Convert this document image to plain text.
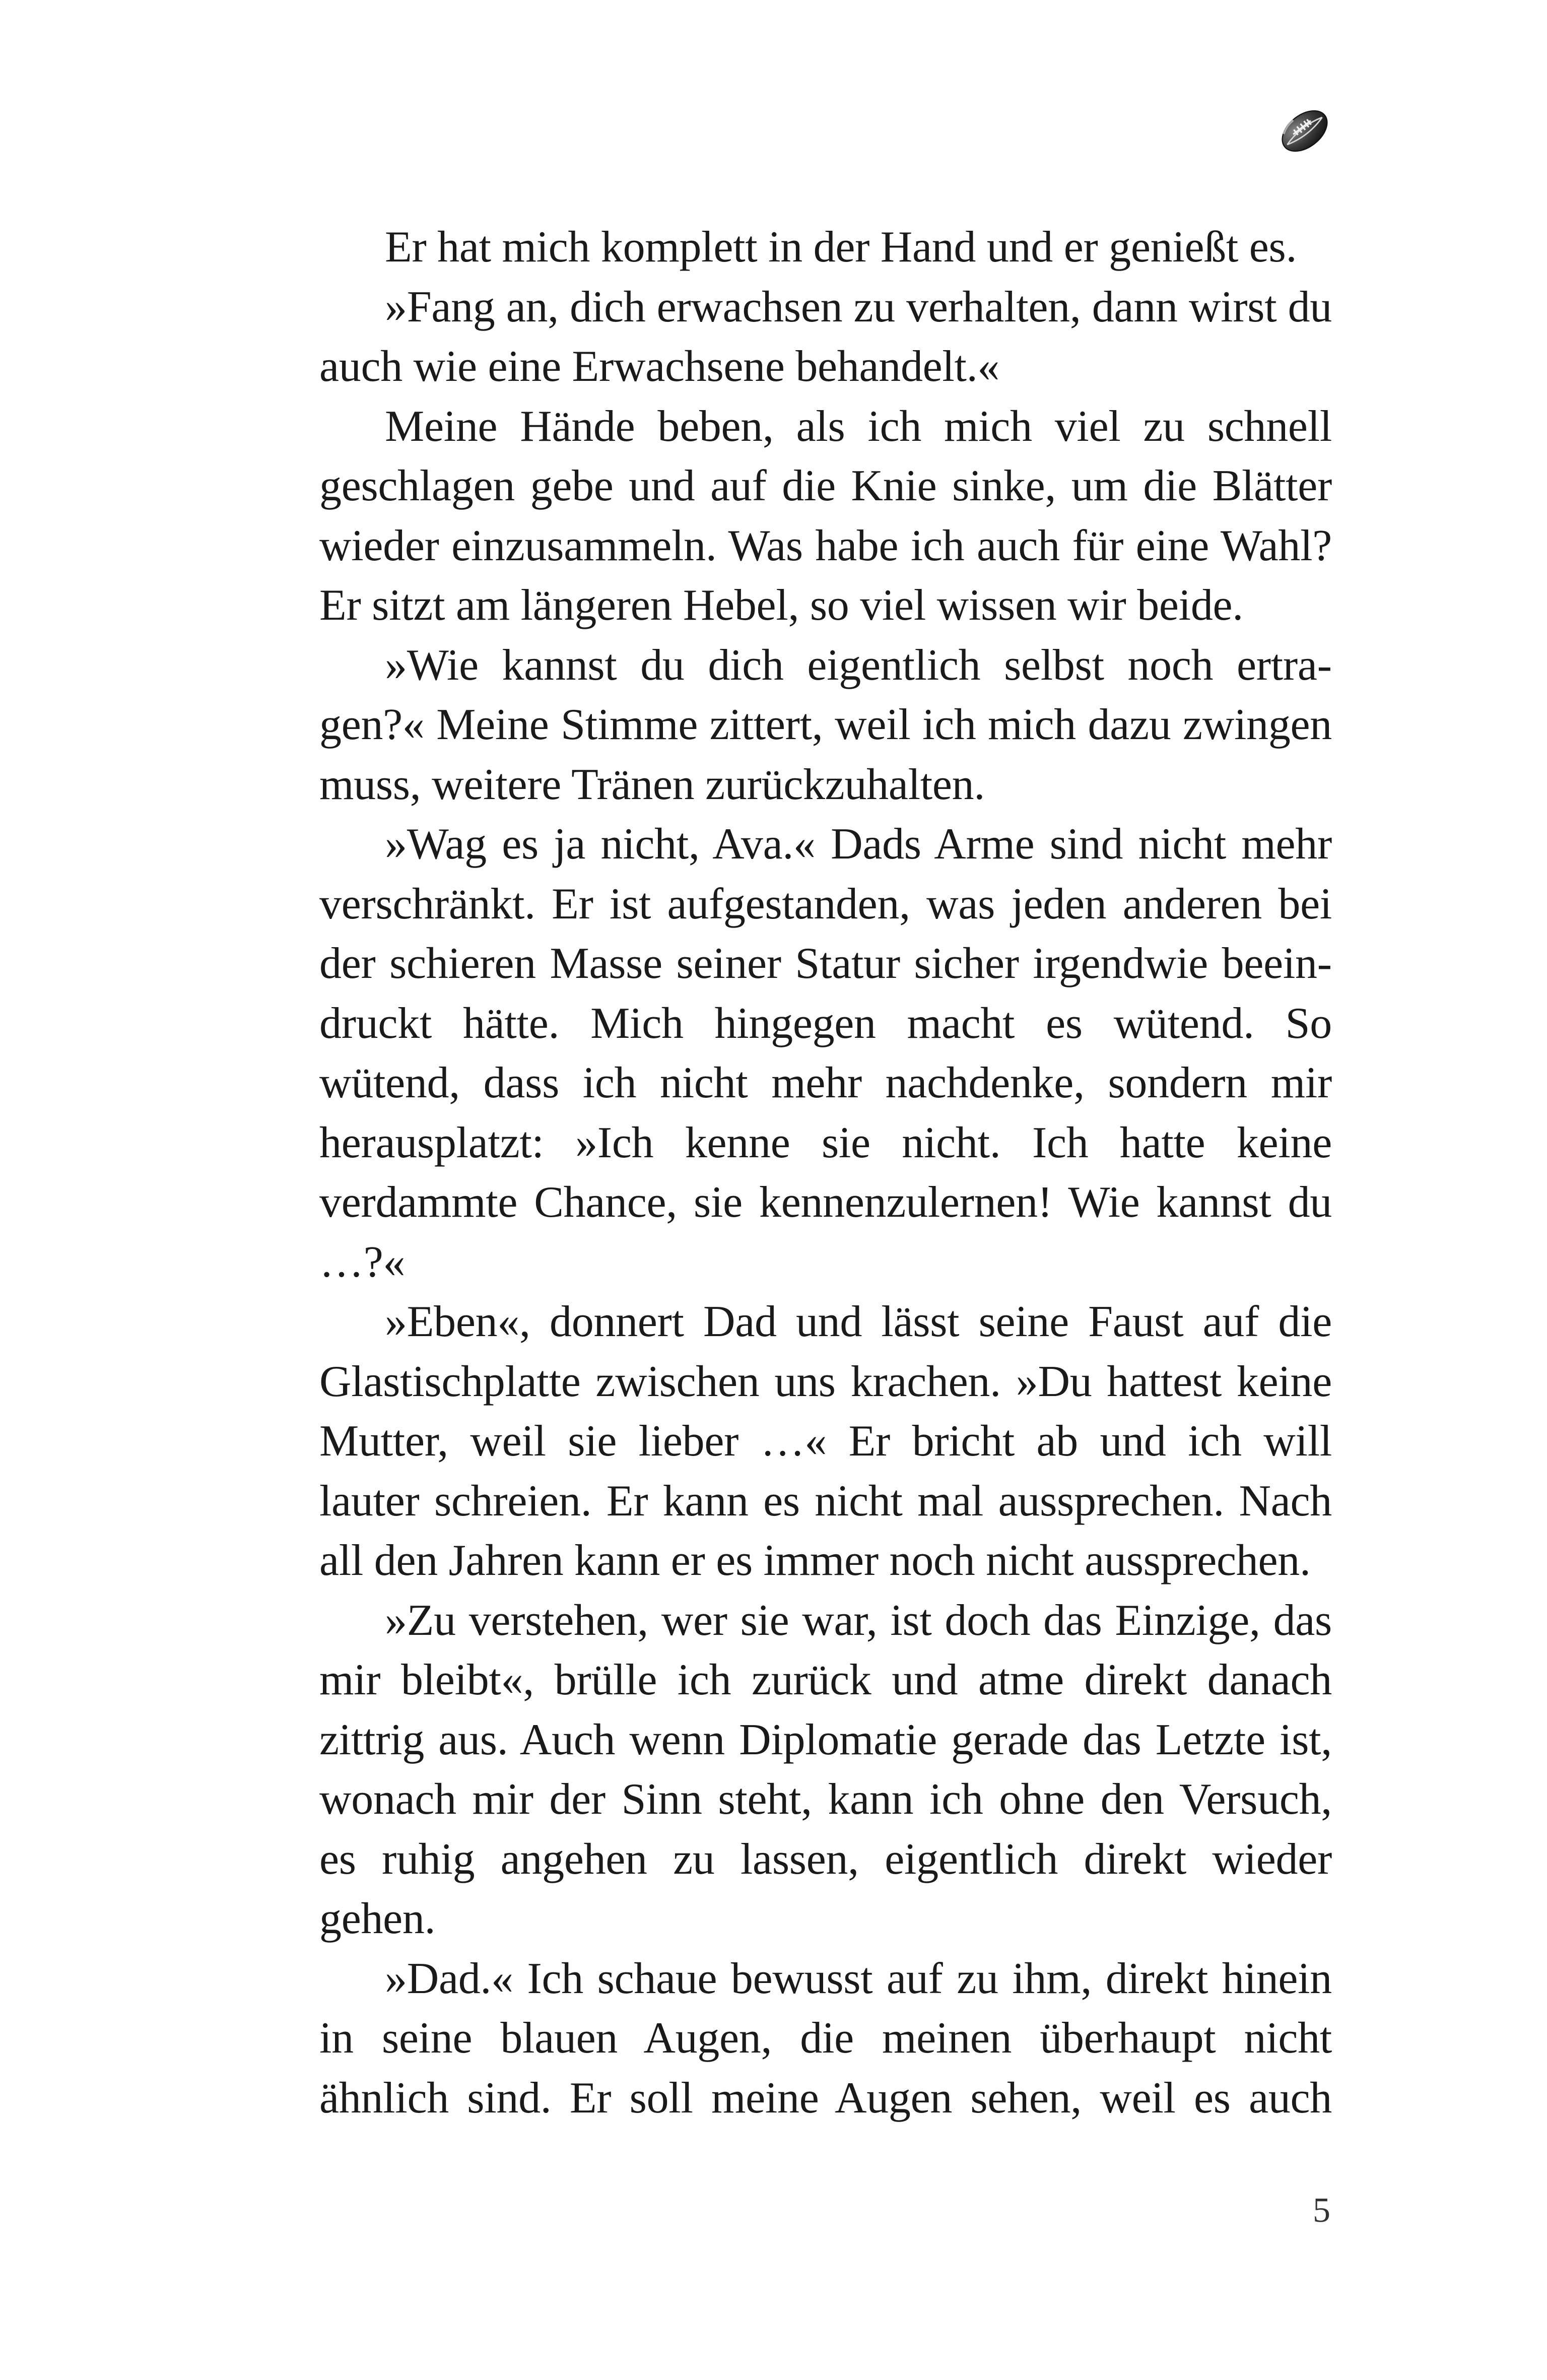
Er hat mich komplett in der Hand und er genießt es.

»Fang an, dich erwachsen zu verhalten, dann wirst du auch wie eine Erwachsene behandelt.«

Meine Hände beben, als ich mich viel zu schnell geschlagen gebe und auf die Knie sinke, um die Blätter wieder einzusammeln. Was habe ich auch für eine Wahl? Er sitzt am längeren Hebel, so viel wissen wir beide.

»Wie kannst du dich eigentlich selbst noch ertragen?« Meine Stimme zittert, weil ich mich dazu zwingen muss, weitere Tränen zurückzuhalten.

»Wag es ja nicht, Ava.« Dads Arme sind nicht mehr verschränkt. Er ist aufgestanden, was jeden anderen bei der schieren Masse seiner Statur sicher irgendwie beeindruckt hätte. Mich hingegen macht es wütend. So wütend, dass ich nicht mehr nachdenke, sondern mir herausplatzt: »Ich kenne sie nicht. Ich hatte keine verdammte Chance, sie kennenzulernen! Wie kannst du …?«

»Eben«, donnert Dad und lässt seine Faust auf die Glastischplatte zwischen uns krachen. »Du hattest keine Mutter, weil sie lieber …« Er bricht ab und ich will lauter schreien. Er kann es nicht mal aussprechen. Nach all den Jahren kann er es immer noch nicht aussprechen.

»Zu verstehen, wer sie war, ist doch das Einzige, das mir bleibt«, brülle ich zurück und atme direkt danach zittrig aus. Auch wenn Diplomatie gerade das Letzte ist, wonach mir der Sinn steht, kann ich ohne den Versuch, es ruhig angehen zu lassen, eigentlich direkt wieder gehen.

»Dad.« Ich schaue bewusst auf zu ihm, direkt hinein in seine blauen Augen, die meinen überhaupt nicht ähnlich sind. Er soll meine Augen sehen, weil es auch

5
